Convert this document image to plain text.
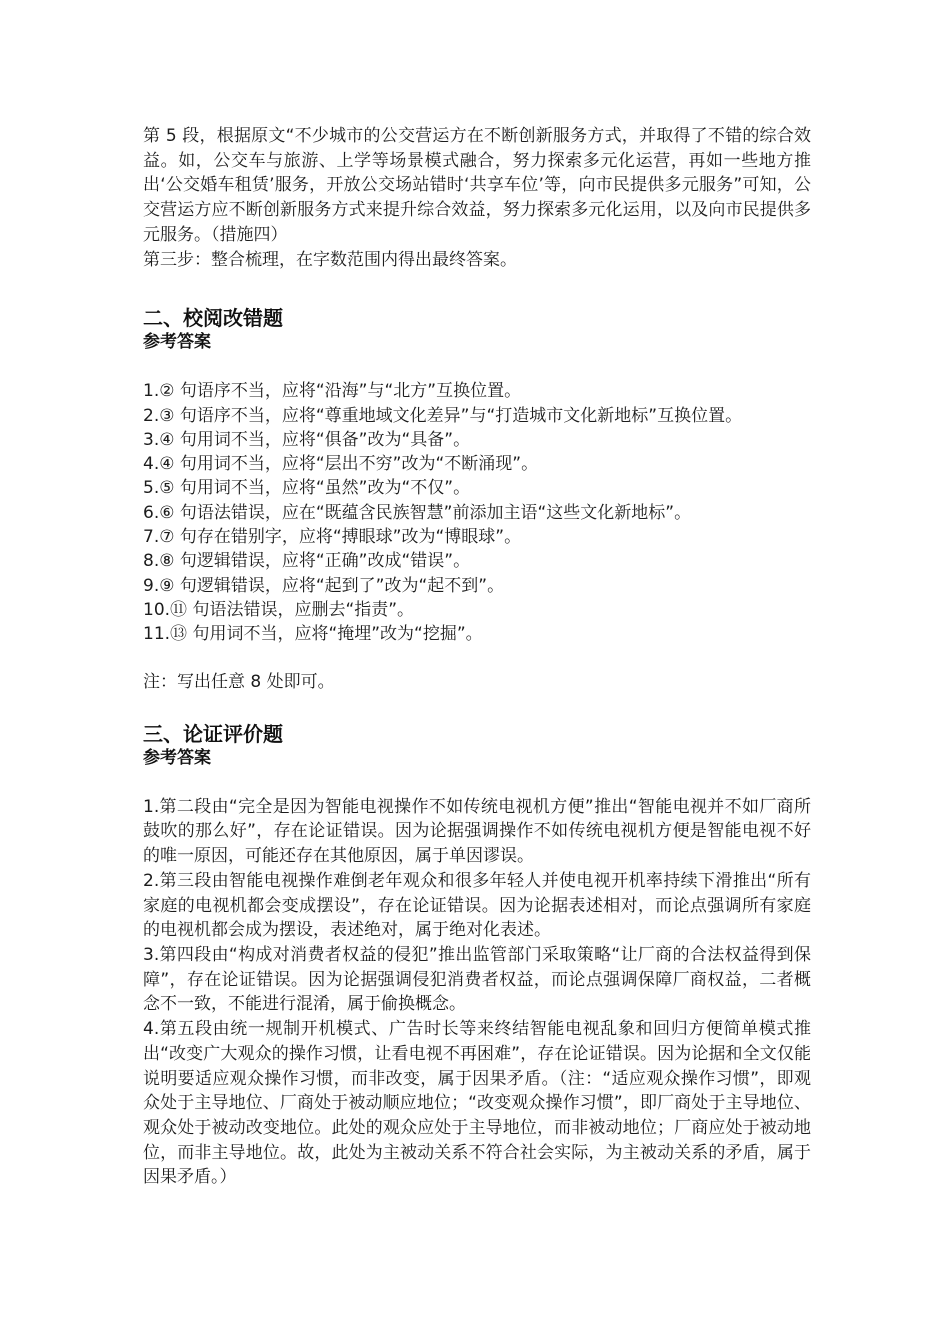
第 5 段，根据原文“不少城市的公交营运方在不断创新服务方式，并取得了不错的综合效益。如，公交车与旅游、上学等场景模式融合，努力探索多元化运营，再如一些地方推出‘公交婚车租赁’服务，开放公交场站错时‘共享车位’等，向市民提供多元服务”可知，公交营运方应不断创新服务方式来提升综合效益，努力探索多元化运用，以及向市民提供多元服务。（措施四）

第三步：整合梳理，在字数范围内得出最终答案。

二、校阅改错题
参考答案

1.② 句语序不当，应将“沿海”与“北方”互换位置。

2.③ 句语序不当，应将“尊重地域文化差异”与“打造城市文化新地标”互换位置。

3.④ 句用词不当，应将“俱备”改为“具备”。

4.④ 句用词不当，应将“层出不穷”改为“不断涌现”。

5.⑤ 句用词不当，应将“虽然”改为“不仅”。

6.⑥ 句语法错误，应在“既蕴含民族智慧”前添加主语“这些文化新地标”。

7.⑦ 句存在错别字，应将“搏眼球”改为“博眼球”。

8.⑧ 句逻辑错误，应将“正确”改成“错误”。

9.⑨ 句逻辑错误，应将“起到了”改为“起不到”。

10.⑪ 句语法错误，应删去“指责”。

11.⑬ 句用词不当，应将“掩埋”改为“挖掘”。

注：写出任意 8 处即可。

三、论证评价题
参考答案

1.第二段由“完全是因为智能电视操作不如传统电视机方便”推出“智能电视并不如厂商所鼓吹的那么好”，存在论证错误。因为论据强调操作不如传统电视机方便是智能电视不好的唯一原因，可能还存在其他原因，属于单因谬误。

2.第三段由智能电视操作难倒老年观众和很多年轻人并使电视开机率持续下滑推出“所有家庭的电视机都会变成摆设”，存在论证错误。因为论据表述相对，而论点强调所有家庭的电视机都会成为摆设，表述绝对，属于绝对化表述。

3.第四段由“构成对消费者权益的侵犯”推出监管部门采取策略“让厂商的合法权益得到保障”，存在论证错误。因为论据强调侵犯消费者权益，而论点强调保障厂商权益，二者概念不一致，不能进行混淆，属于偷换概念。

4.第五段由统一规制开机模式、广告时长等来终结智能电视乱象和回归方便简单模式推出“改变广大观众的操作习惯，让看电视不再困难”，存在论证错误。因为论据和全文仅能说明要适应观众操作习惯，而非改变，属于因果矛盾。（注：“适应观众操作习惯”，即观众处于主导地位、厂商处于被动顺应地位；“改变观众操作习惯”，即厂商处于主导地位、观众处于被动改变地位。此处的观众应处于主导地位，而非被动地位；厂商应处于被动地位，而非主导地位。故，此处为主被动关系不符合社会实际，为主被动关系的矛盾，属于因果矛盾。）
